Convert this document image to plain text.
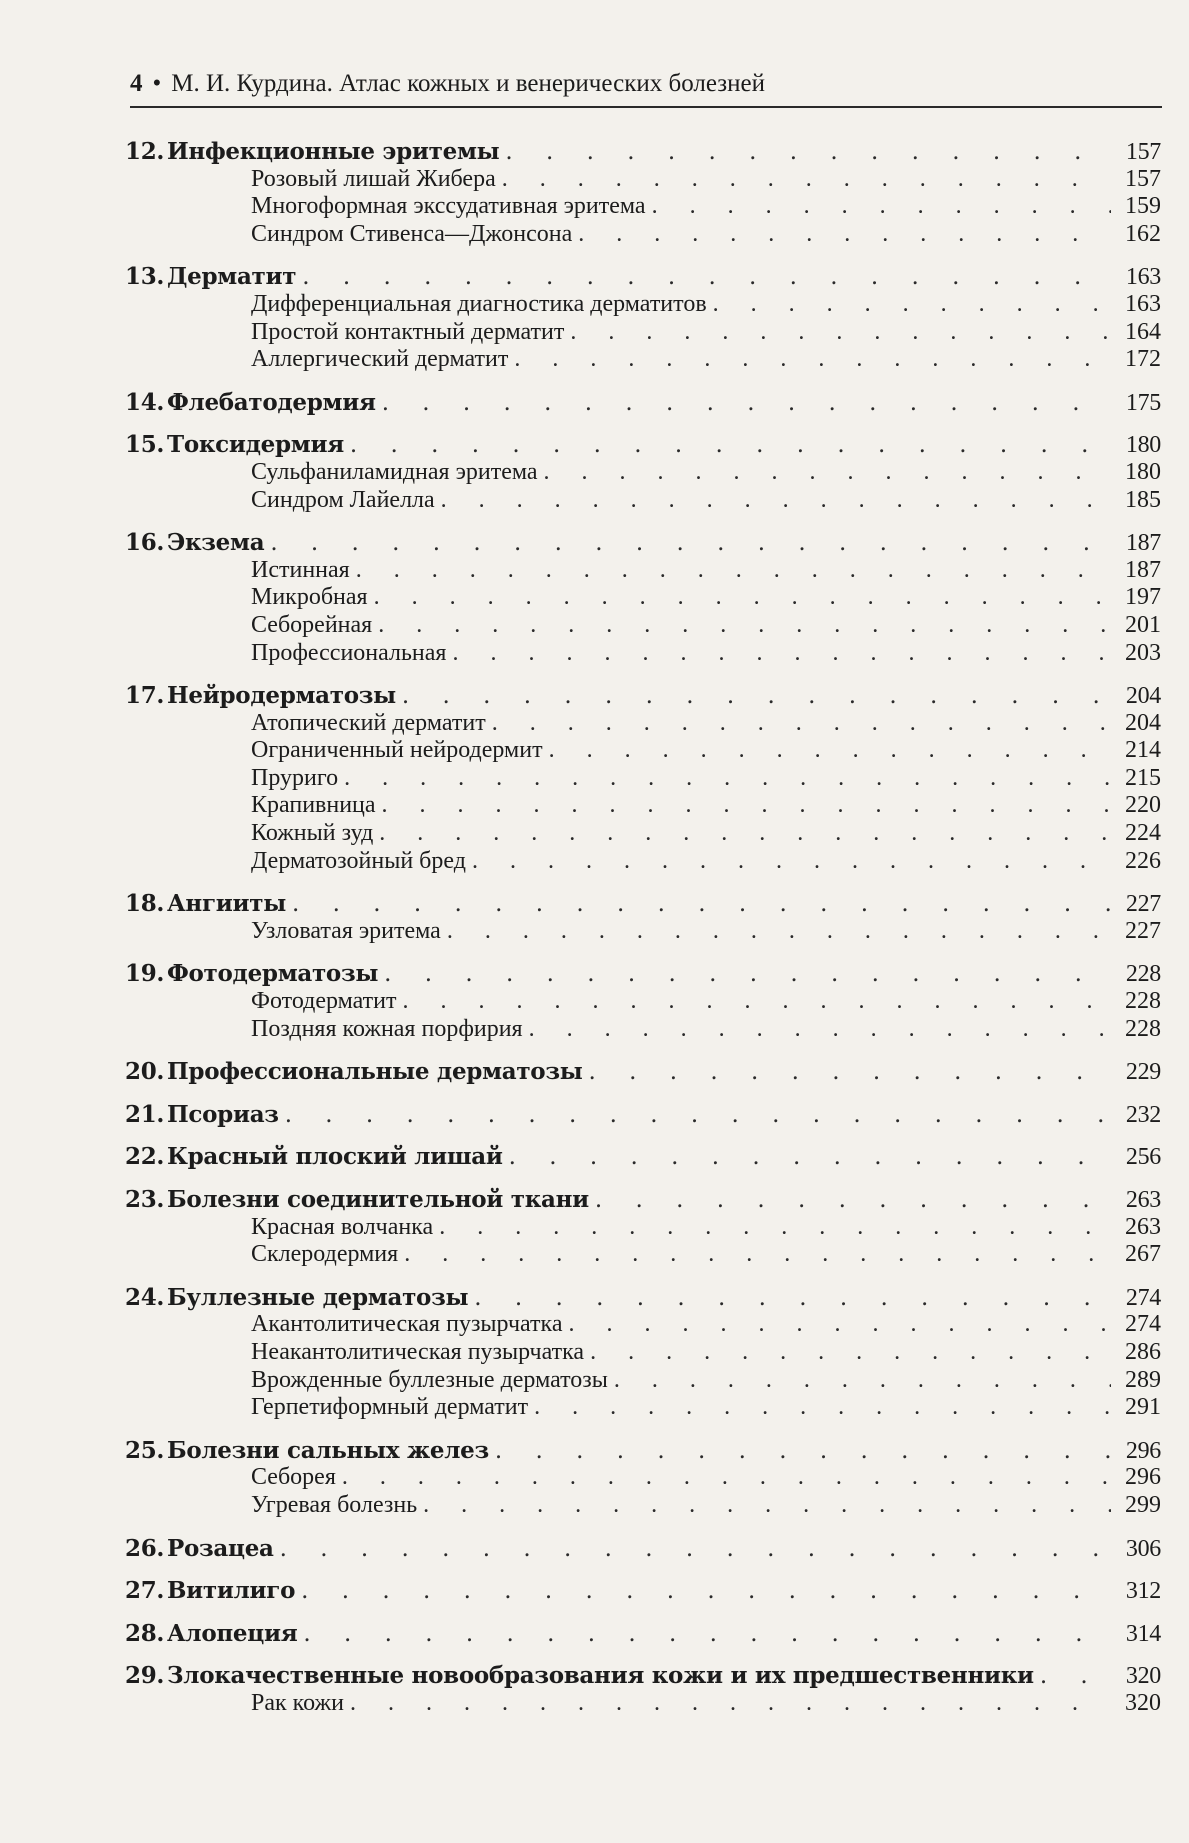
4 • М. И. Курдина. Атлас кожных и венерических болезней
12. Инфекционные эритемы . . .	157
Розовый лишай Жибера . . .	157
Многоформная экссудативная эритема . . .	159
Синдром Стивенса—Джонсона . . .	162
13. Дерматит . . .	163
Дифференциальная диагностика дерматитов . . .	163
Простой контактный дерматит . . .	164
Аллергический дерматит . . .	172
14. Флебатодермия . . .	175
15. Токсидермия . . .	180
Сульфаниламидная эритема . . .	180
Синдром Лайелла . . .	185
16. Экзема . . .	187
Истинная . . .	187
Микробная . . .	197
Себорейная . . .	201
Профессиональная . . .	203
17. Нейродерматозы . . .	204
Атопический дерматит . . .	204
Ограниченный нейродермит . . .	214
Пруриго . . .	215
Крапивница . . .	220
Кожный зуд . . .	224
Дерматозойный бред . . .	226
18. Ангииты . . .	227
Узловатая эритема . . .	227
19. Фотодерматозы . . .	228
Фотодерматит . . .	228
Поздняя кожная порфирия . . .	228
20. Профессиональные дерматозы . . .	229
21. Псориаз . . .	232
22. Красный плоский лишай . . .	256
23. Болезни соединительной ткани . . .	263
Красная волчанка . . .	263
Склеродермия . . .	267
24. Буллезные дерматозы . . .	274
Акантолитическая пузырчатка . . .	274
Неакантолитическая пузырчатка . . .	286
Врожденные буллезные дерматозы . . .	289
Герпетиформный дерматит . . .	291
25. Болезни сальных желез . . .	296
Себорея . . .	296
Угревая болезнь . . .	299
26. Розацеа . . .	306
27. Витилиго . . .	312
28. Алопеция . . .	314
29. Злокачественные новообразования кожи и их предшественники . . .	320
Рак кожи . . .	320
